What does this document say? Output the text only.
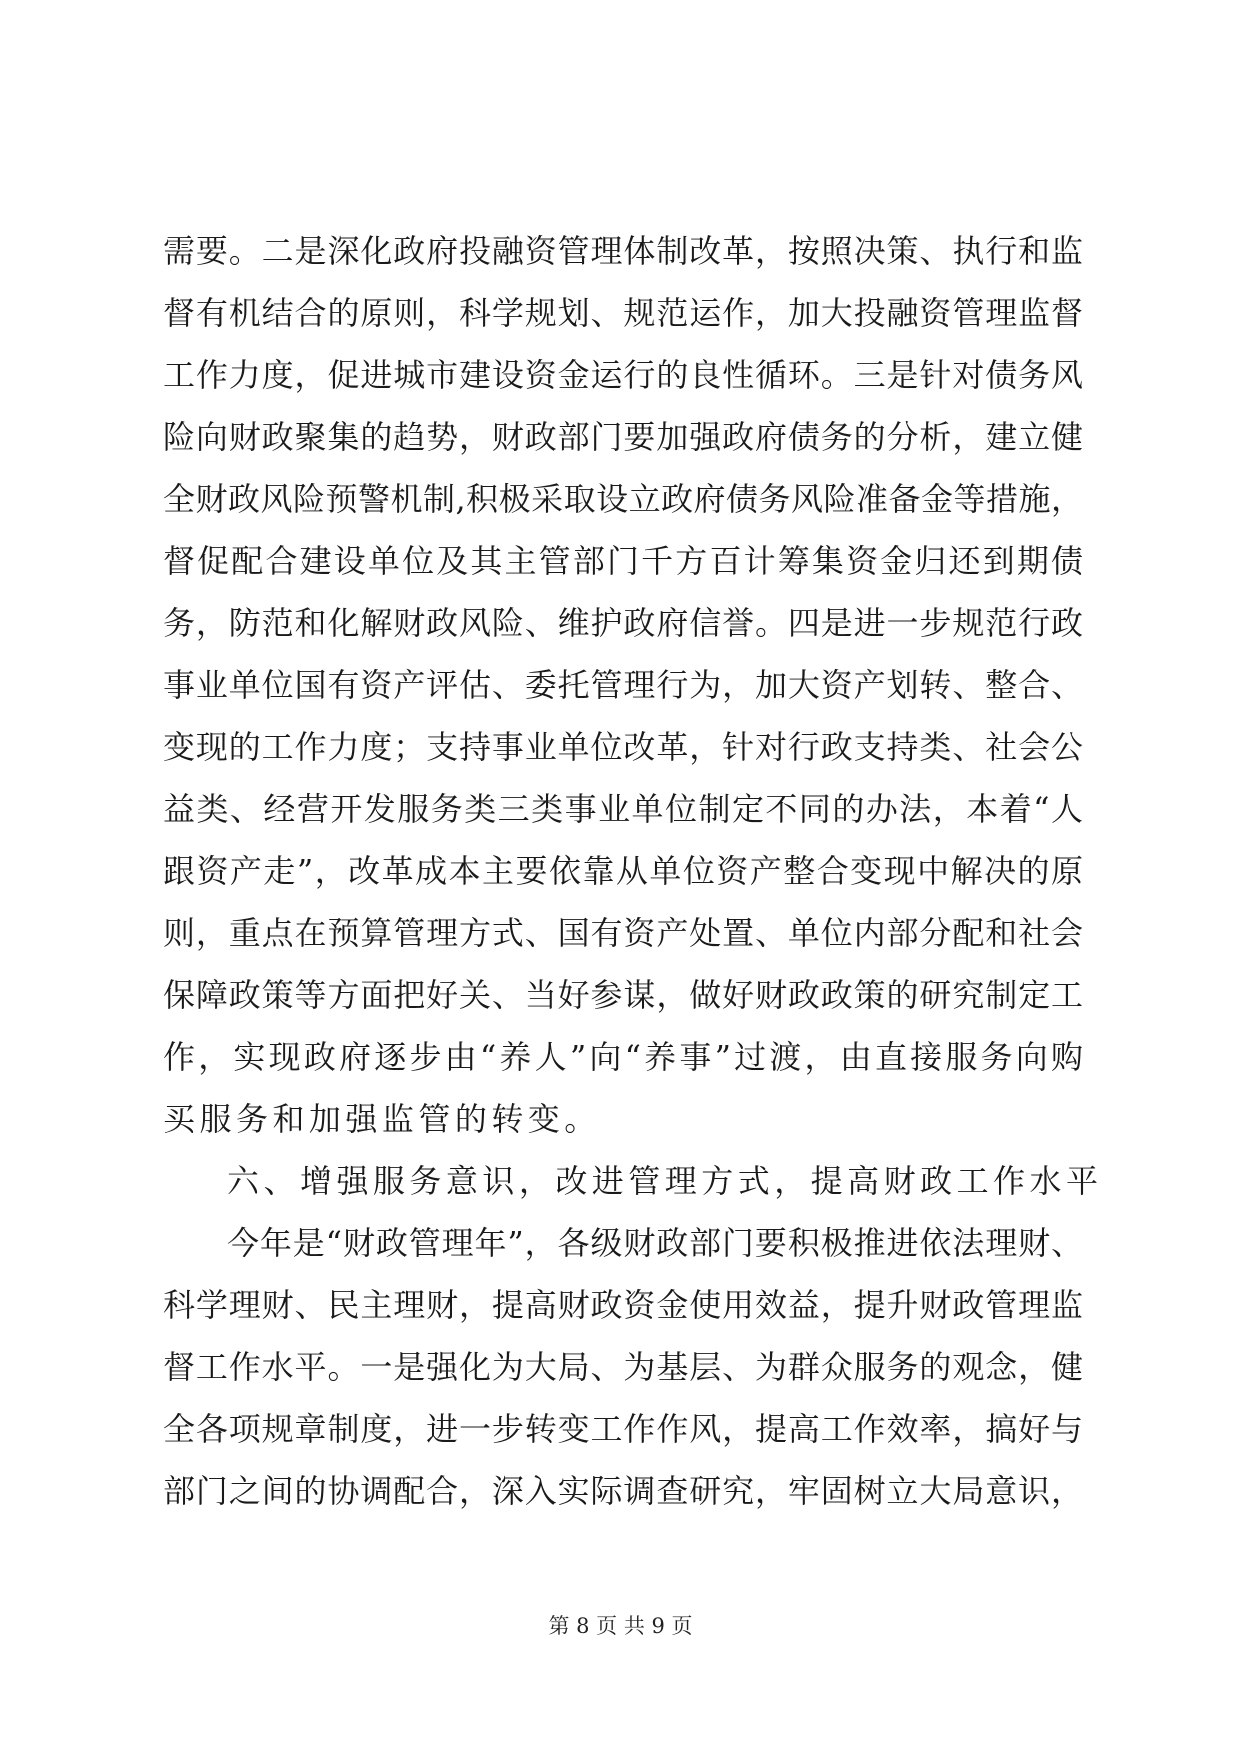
需要。二是深化政府投融资管理体制改革，按照决策、执行和监
督有机结合的原则，科学规划、规范运作，加大投融资管理监督
工作力度，促进城市建设资金运行的良性循环。三是针对债务风
险向财政聚集的趋势，财政部门要加强政府债务的分析，建立健
全财政风险预警机制,积极采取设立政府债务风险准备金等措施，
督促配合建设单位及其主管部门千方百计筹集资金归还到期债
务，防范和化解财政风险、维护政府信誉。四是进一步规范行政
事业单位国有资产评估、委托管理行为，加大资产划转、整合、
变现的工作力度；支持事业单位改革，针对行政支持类、社会公
益类、经营开发服务类三类事业单位制定不同的办法，本着“人
跟资产走”，改革成本主要依靠从单位资产整合变现中解决的原
则，重点在预算管理方式、国有资产处置、单位内部分配和社会
保障政策等方面把好关、当好参谋，做好财政政策的研究制定工
作，实现政府逐步由“养人”向“养事”过渡，由直接服务向购
买服务和加强监管的转变。
六、增强服务意识，改进管理方式，提高财政工作水平
今年是“财政管理年”，各级财政部门要积极推进依法理财、
科学理财、民主理财，提高财政资金使用效益，提升财政管理监
督工作水平。一是强化为大局、为基层、为群众服务的观念，健
全各项规章制度，进一步转变工作作风，提高工作效率，搞好与
部门之间的协调配合，深入实际调查研究，牢固树立大局意识，
第 8 页 共 9 页
